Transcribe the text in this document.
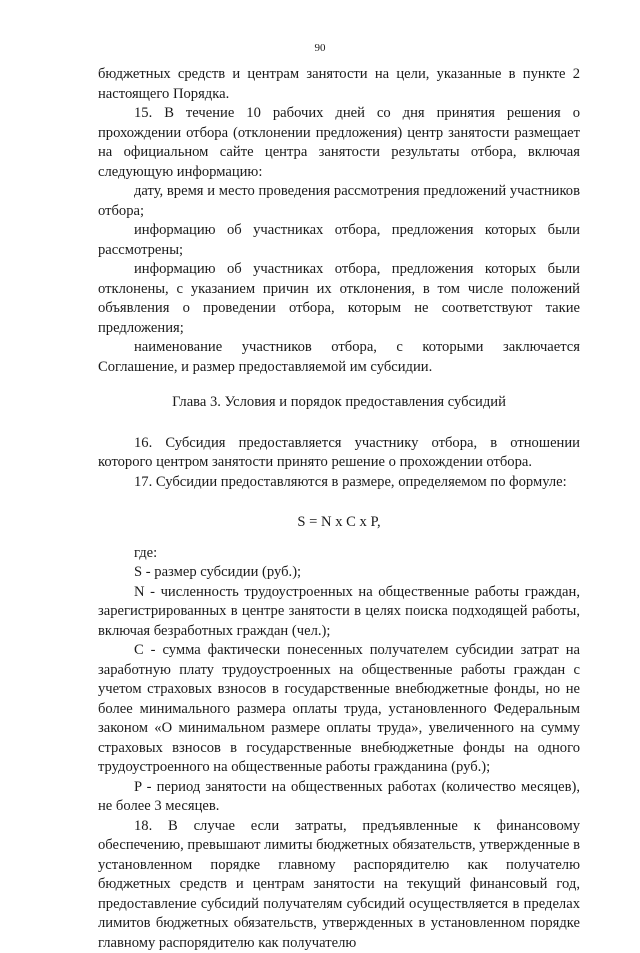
90

бюджетных средств и центрам занятости на цели, указанные в пункте 2 настоящего Порядка.

15. В течение 10 рабочих дней со дня принятия решения о прохождении отбора (отклонении предложения) центр занятости размещает на официальном сайте центра занятости результаты отбора, включая следующую информацию:

дату, время и место проведения рассмотрения предложений участников отбора;

информацию об участниках отбора, предложения которых были рассмотрены;

информацию об участниках отбора, предложения которых были отклонены, с указанием причин их отклонения, в том числе положений объявления о проведении отбора, которым не соответствуют такие предложения;

наименование участников отбора, с которыми заключается Соглашение, и размер предоставляемой им субсидии.

Глава 3. Условия и порядок предоставления субсидий

16. Субсидия предоставляется участнику отбора, в отношении которого центром занятости принято решение о прохождении отбора.

17. Субсидии предоставляются в размере, определяемом по формуле:

S = N x C x P,

где:

S - размер субсидии (руб.);

N - численность трудоустроенных на общественные работы граждан, зарегистрированных в центре занятости в целях поиска подходящей работы, включая безработных граждан (чел.);

C - сумма фактически понесенных получателем субсидии затрат на заработную плату трудоустроенных на общественные работы граждан с учетом страховых взносов в государственные внебюджетные фонды, но не более минимального размера оплаты труда, установленного Федеральным законом «О минимальном размере оплаты труда», увеличенного на сумму страховых взносов в государственные внебюджетные фонды на одного трудоустроенного на общественные работы гражданина (руб.);

P - период занятости на общественных работах (количество месяцев), не более 3 месяцев.

18. В случае если затраты, предъявленные к финансовому обеспечению, превышают лимиты бюджетных обязательств, утвержденные в установленном порядке главному распорядителю как получателю бюджетных средств и центрам занятости на текущий финансовый год, предоставление субсидий получателям субсидий осуществляется в пределах лимитов бюджетных обязательств, утвержденных в установленном порядке главному распорядителю как получателю
